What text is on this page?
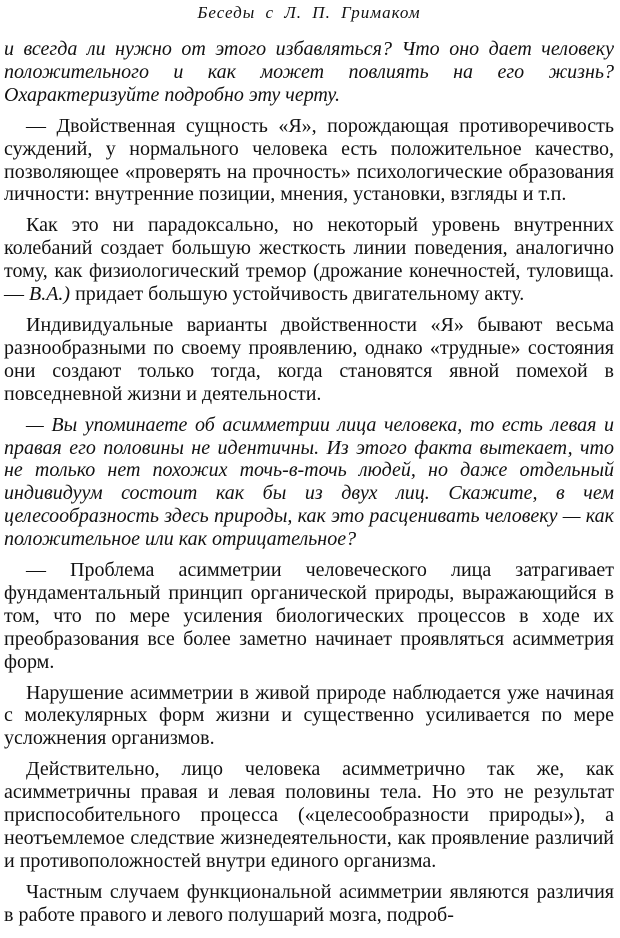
Беседы с Л. П. Гримаком

и всегда ли нужно от этого избавляться? Что оно дает человеку положительного и как может повлиять на его жизнь? Охарактеризуйте подробно эту черту.

— Двойственная сущность «Я», порождающая противоречивость суждений, у нормального человека есть положительное качество, позволяющее «проверять на прочность» психологические образования личности: внутренние позиции, мнения, установки, взгляды и т.п.

Как это ни парадоксально, но некоторый уровень внутренних колебаний создает большую жесткость линии поведения, аналогично тому, как физиологический тремор (дрожание конечностей, туловища. — В.А.) придает большую устойчивость двигательному акту.

Индивидуальные варианты двойственности «Я» бывают весьма разнообразными по своему проявлению, однако «трудные» состояния они создают только тогда, когда становятся явной помехой в повседневной жизни и деятельности.

— Вы упоминаете об асимметрии лица человека, то есть левая и правая его половины не идентичны. Из этого факта вытекает, что не только нет похожих точь-в-точь людей, но даже отдельный индивидуум состоит как бы из двух лиц. Скажите, в чем целесообразность здесь природы, как это расценивать человеку — как положительное или как отрицательное?

— Проблема асимметрии человеческого лица затрагивает фундаментальный принцип органической природы, выражающийся в том, что по мере усиления биологических процессов в ходе их преобразования все более заметно начинает проявляться асимметрия форм.

Нарушение асимметрии в живой природе наблюдается уже начиная с молекулярных форм жизни и существенно усиливается по мере усложнения организмов.

Действительно, лицо человека асимметрично так же, как асимметричны правая и левая половины тела. Но это не результат приспособительного процесса («целесообразности природы»), а неотъемлемое следствие жизнедеятельности, как проявление различий и противоположностей внутри единого организма.

Частным случаем функциональной асимметрии являются различия в работе правого и левого полушарий мозга, подроб-
